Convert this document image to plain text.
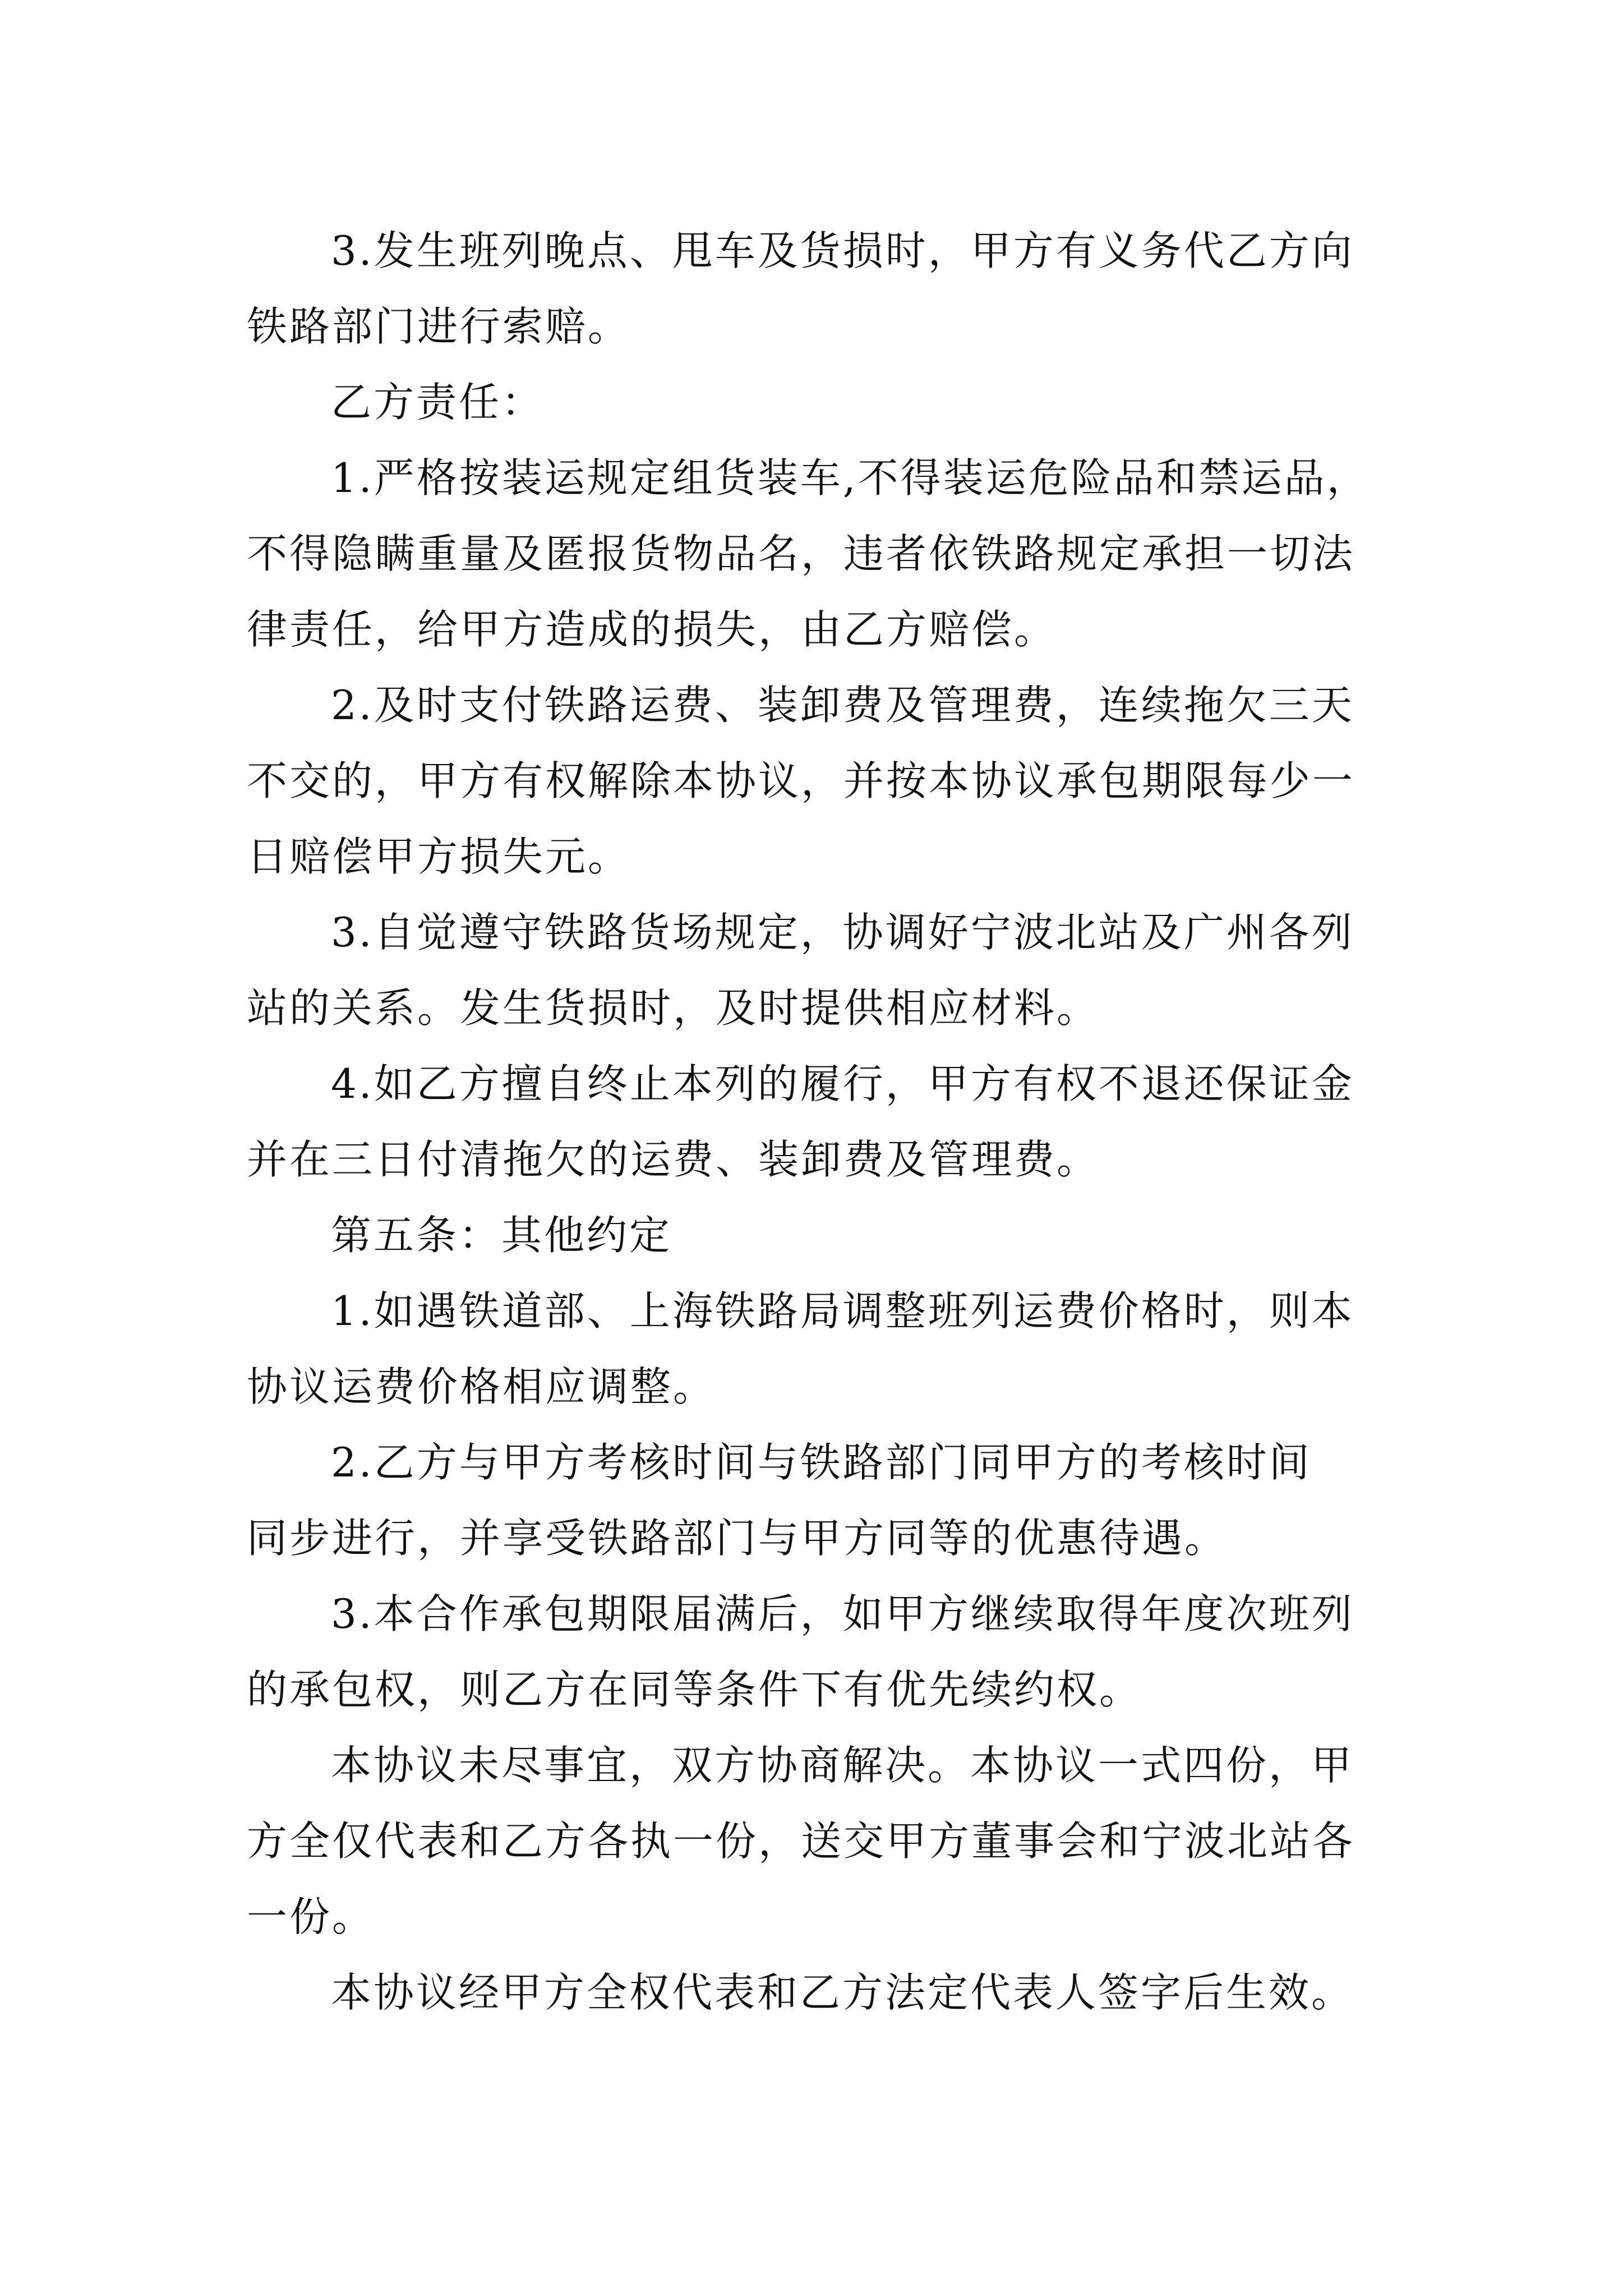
3.发生班列晚点、甩车及货损时，甲方有义务代乙方向
铁路部门进行索赔。

乙方责任：

1.严格按装运规定组货装车,不得装运危险品和禁运品，
不得隐瞒重量及匿报货物品名，违者依铁路规定承担一切法
律责任，给甲方造成的损失，由乙方赔偿。

2.及时支付铁路运费、装卸费及管理费，连续拖欠三天
不交的，甲方有权解除本协议，并按本协议承包期限每少一
日赔偿甲方损失元。

3.自觉遵守铁路货场规定，协调好宁波北站及广州各列
站的关系。发生货损时，及时提供相应材料。

4.如乙方擅自终止本列的履行，甲方有权不退还保证金
并在三日付清拖欠的运费、装卸费及管理费。

第五条：其他约定

1.如遇铁道部、上海铁路局调整班列运费价格时，则本
协议运费价格相应调整。

2.乙方与甲方考核时间与铁路部门同甲方的考核时间
同步进行，并享受铁路部门与甲方同等的优惠待遇。

3.本合作承包期限届满后，如甲方继续取得年度次班列
的承包权，则乙方在同等条件下有优先续约权。

本协议未尽事宜，双方协商解决。本协议一式四份，甲
方全仅代表和乙方各执一份，送交甲方董事会和宁波北站各
一份。

本协议经甲方全权代表和乙方法定代表人签字后生效。
